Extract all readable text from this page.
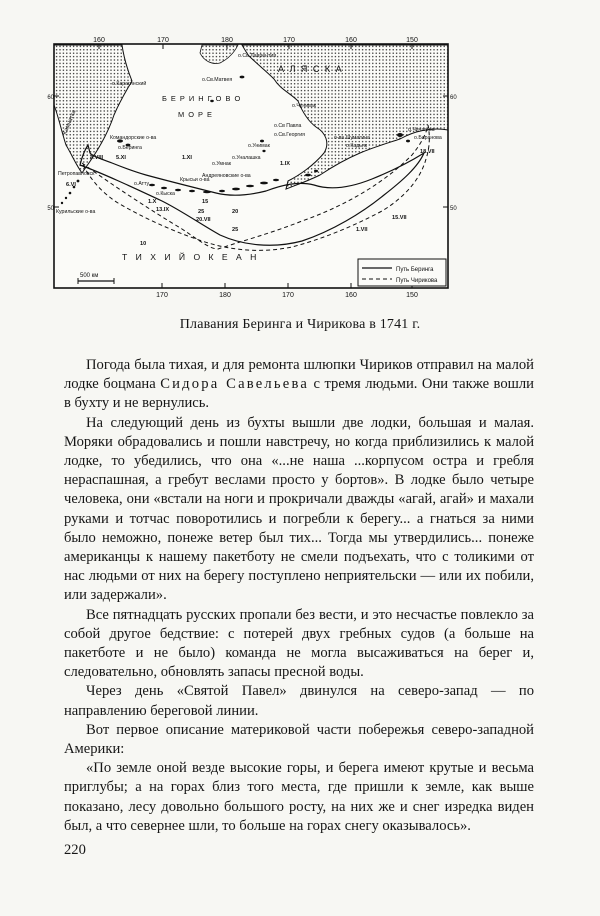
160	170	180	170	160	150
170	180	170	160	150
60
50
60
50
о.Св.Лаврентия
о.Св.Матвея
о.Чунивак
о.Св Павла
о.Св.Георгия
о.Унимак
о.Уналашка
о.Умнак
о-ва Шумагина
о.Кадьяк
о.Чичагова
о.Баранова
Командорские о-ва
о.Беринга
о.Карагинский
Петропавловск
Курильские о-ва
о.Атту
о.Кыска
Крысьи о-ва
Андреяновские о-ва
Камчатка
А Л Я С К А
Б Е Р И Н Г О В О
М О Р Е
Т И Х И Й О К Е А Н
4.VIII 5.XI	1.XI
6.VI
1.X
13.IX
1.IX
15
25
20.VII
1.VII
18.VII
15.VII
10
20
25
500 км
Путь Беринга
Путь Чирикова
Плавания Беринга и Чирикова в 1741 г.

Погода была тихая, и для ремонта шлюпки Чириков отправил на малой лодке боцмана Сидора Савельева с тремя людьми. Они также вошли в бухту и не вернулись.

На следующий день из бухты вышли две лодки, большая и малая. Моряки обрадовались и пошли навстречу, но когда приблизились к малой лодке, то убедились, что она «...не наша ...корпусом остра и гребля нераспашная, а гребут веслами просто у бортов». В лодке было четыре человека, они «встали на ноги и прокричали дважды «агай, агай» и махали руками и тотчас поворотились и погребли к берегу... а гнаться за ними было неможно, понеже ветер был тих... Тогда мы утвердились... понеже американцы к нашему пакетботу не смели подъехать, что с толикими от нас людьми от них на берегу поступлено неприятельски — или их побили, или задержали».

Все пятнадцать русских пропали без вести, и это несчастье повлекло за собой другое бедствие: с потерей двух гребных судов (а больше на пакетботе и не было) команда не могла высаживаться на берег и, следовательно, обновлять запасы пресной воды.

Через день «Святой Павел» двинулся на северо-запад — по направлению береговой линии.

Вот первое описание материковой части побережья северо-западной Америки:

«По земле оной везде высокие горы, и берега имеют крутые и весьма приглубы; а на горах близ того места, где пришли к земле, как выше показано, лесу довольно большого росту, на них же и снег изредка виден был, а что севернее шли, то больше на горах снегу оказывалось».

220
